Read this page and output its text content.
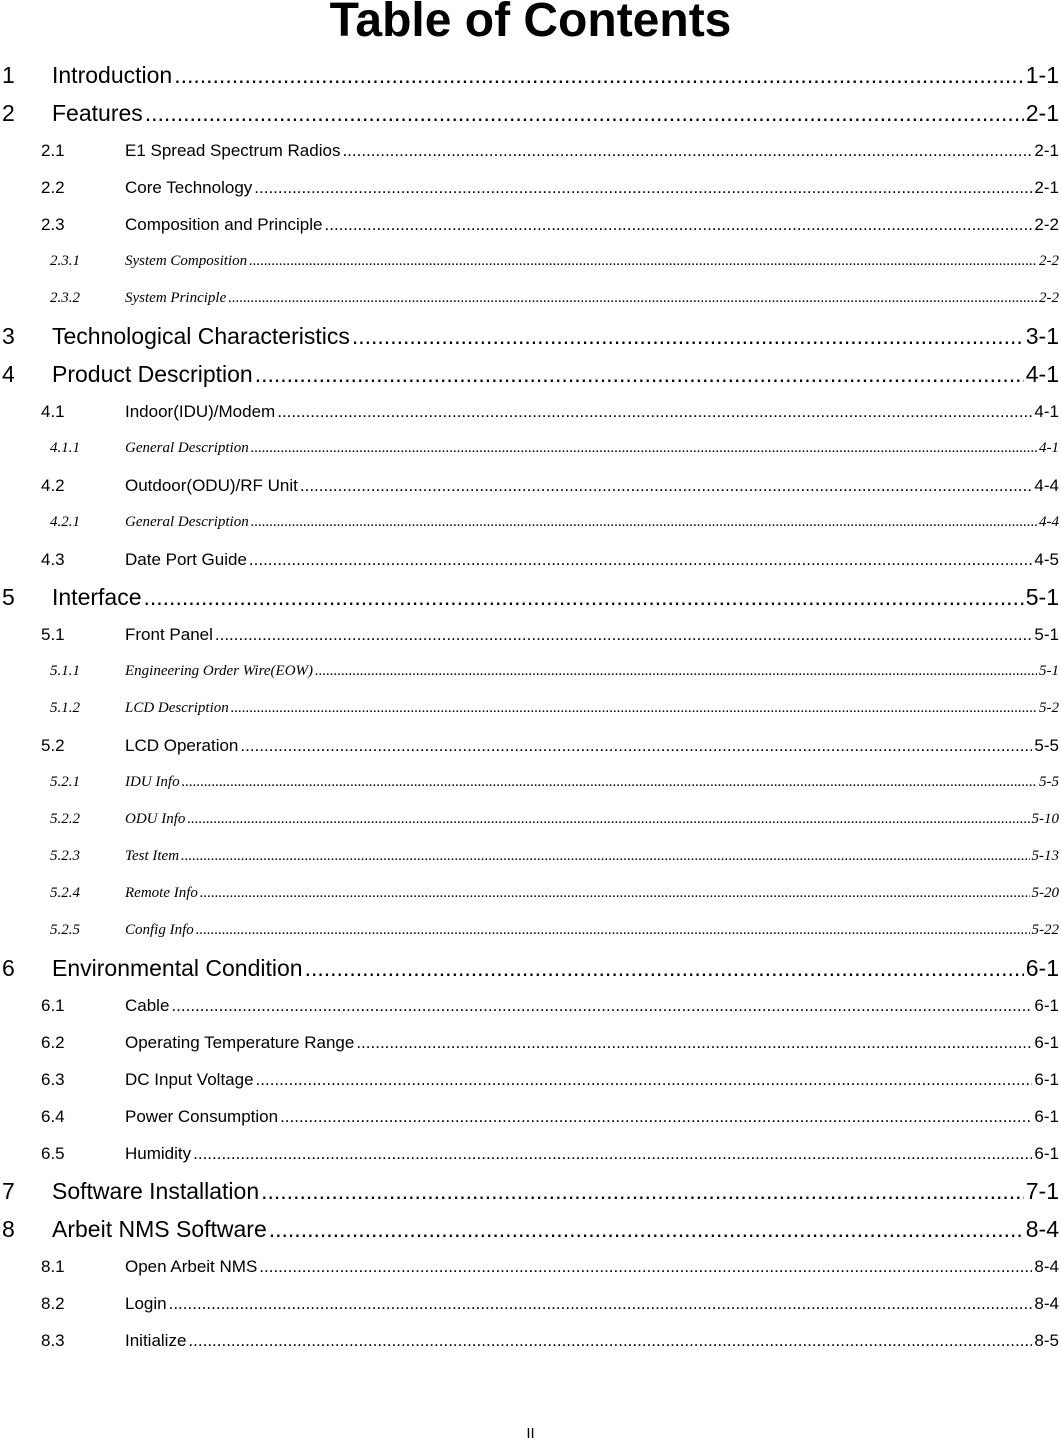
Table of Contents
1	Introduction .....	1-1
2	Features .....	2-1
2.1	E1 Spread Spectrum Radios .....	2-1
2.2	Core Technology .....	2-1
2.3	Composition and Principle .....	2-2
2.3.1	System Composition .....	2-2
2.3.2	System Principle .....	2-2
3	Technological Characteristics .....	3-1
4	Product Description .....	4-1
4.1	Indoor(IDU)/Modem .....	4-1
4.1.1	General Description .....	4-1
4.2	Outdoor(ODU)/RF Unit .....	4-4
4.2.1	General Description .....	4-4
4.3	Date Port Guide .....	4-5
5	Interface .....	5-1
5.1	Front Panel .....	5-1
5.1.1	Engineering Order Wire(EOW) .....	5-1
5.1.2	LCD Description .....	5-2
5.2	LCD Operation .....	5-5
5.2.1	IDU Info .....	5-5
5.2.2	ODU Info .....	5-10
5.2.3	Test Item .....	5-13
5.2.4	Remote Info .....	5-20
5.2.5	Config Info .....	5-22
6	Environmental Condition .....	6-1
6.1	Cable .....	6-1
6.2	Operating Temperature Range .....	6-1
6.3	DC Input Voltage .....	6-1
6.4	Power Consumption .....	6-1
6.5	Humidity .....	6-1
7	Software Installation .....	7-1
8	Arbeit NMS Software .....	8-4
8.1	Open Arbeit NMS .....	8-4
8.2	Login .....	8-4
8.3	Initialize .....	8-5
II
